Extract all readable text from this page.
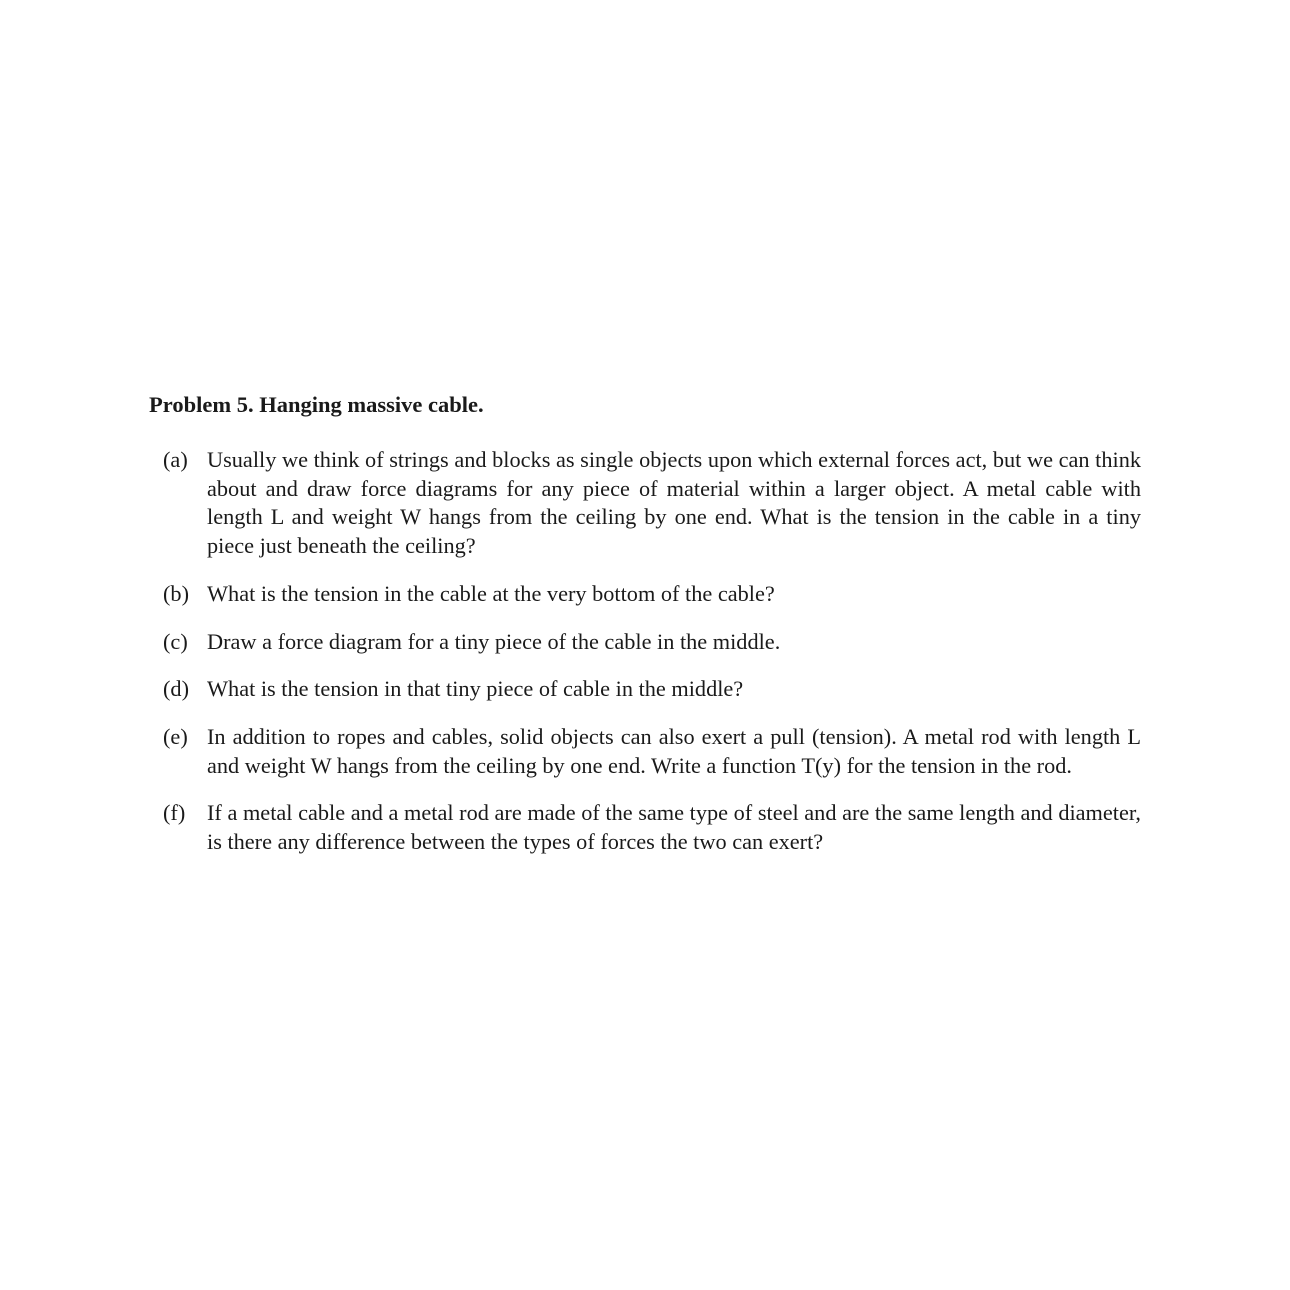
Problem 5. Hanging massive cable.
(a) Usually we think of strings and blocks as single objects upon which external forces act, but we can think about and draw force diagrams for any piece of material within a larger object. A metal cable with length L and weight W hangs from the ceiling by one end. What is the tension in the cable in a tiny piece just beneath the ceiling?
(b) What is the tension in the cable at the very bottom of the cable?
(c) Draw a force diagram for a tiny piece of the cable in the middle.
(d) What is the tension in that tiny piece of cable in the middle?
(e) In addition to ropes and cables, solid objects can also exert a pull (tension). A metal rod with length L and weight W hangs from the ceiling by one end. Write a function T(y) for the tension in the rod.
(f) If a metal cable and a metal rod are made of the same type of steel and are the same length and diameter, is there any difference between the types of forces the two can exert?
